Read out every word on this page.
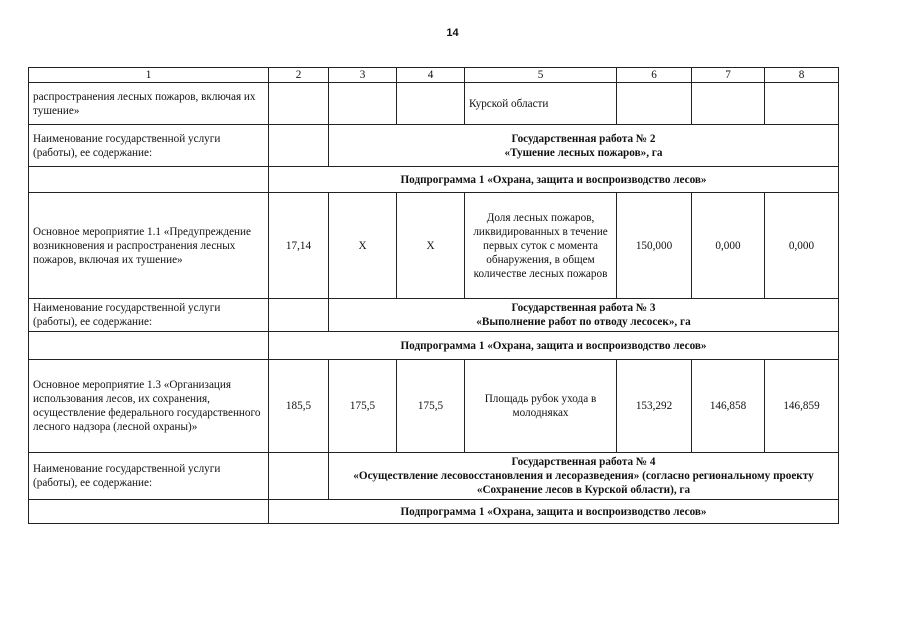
14
1	2	3	4	5	6	7	8
распространения лесных пожаров, включая их тушение»				Курской области			
Наименование государственной услуги (работы), ее содержание:		Государственная работа № 2
«Тушение лесных пожаров», га					

	Подпрограмма 1 «Охрана, защита и воспроизводство лесов»						
Основное мероприятие 1.1 «Предупреждение возникновения и распространения лесных пожаров, включая их тушение»	17,14	Х	Х	Доля лесных пожаров, ликвидированных в течение первых суток с момента обнаружения, в общем количестве лесных пожаров	150,000	0,000	0,000
Наименование государственной услуги (работы), ее содержание:		Государственная работа № 3
«Выполнение работ по отводу лесосек», га					

	Подпрограмма 1 «Охрана, защита и воспроизводство лесов»						
Основное мероприятие 1.3 «Организация использования лесов, их сохранения, осуществление федерального государственного лесного надзора (лесной охраны)»	185,5	175,5	175,5	Площадь рубок ухода в молодняках	153,292	146,858	146,859
Наименование государственной услуги (работы), ее содержание:		Государственная работа № 4
«Осуществление лесовосстановления и лесоразведения» (согласно региональному проекту «Сохранение лесов в Курской области), га					

	Подпрограмма 1 «Охрана, защита и воспроизводство лесов»						
